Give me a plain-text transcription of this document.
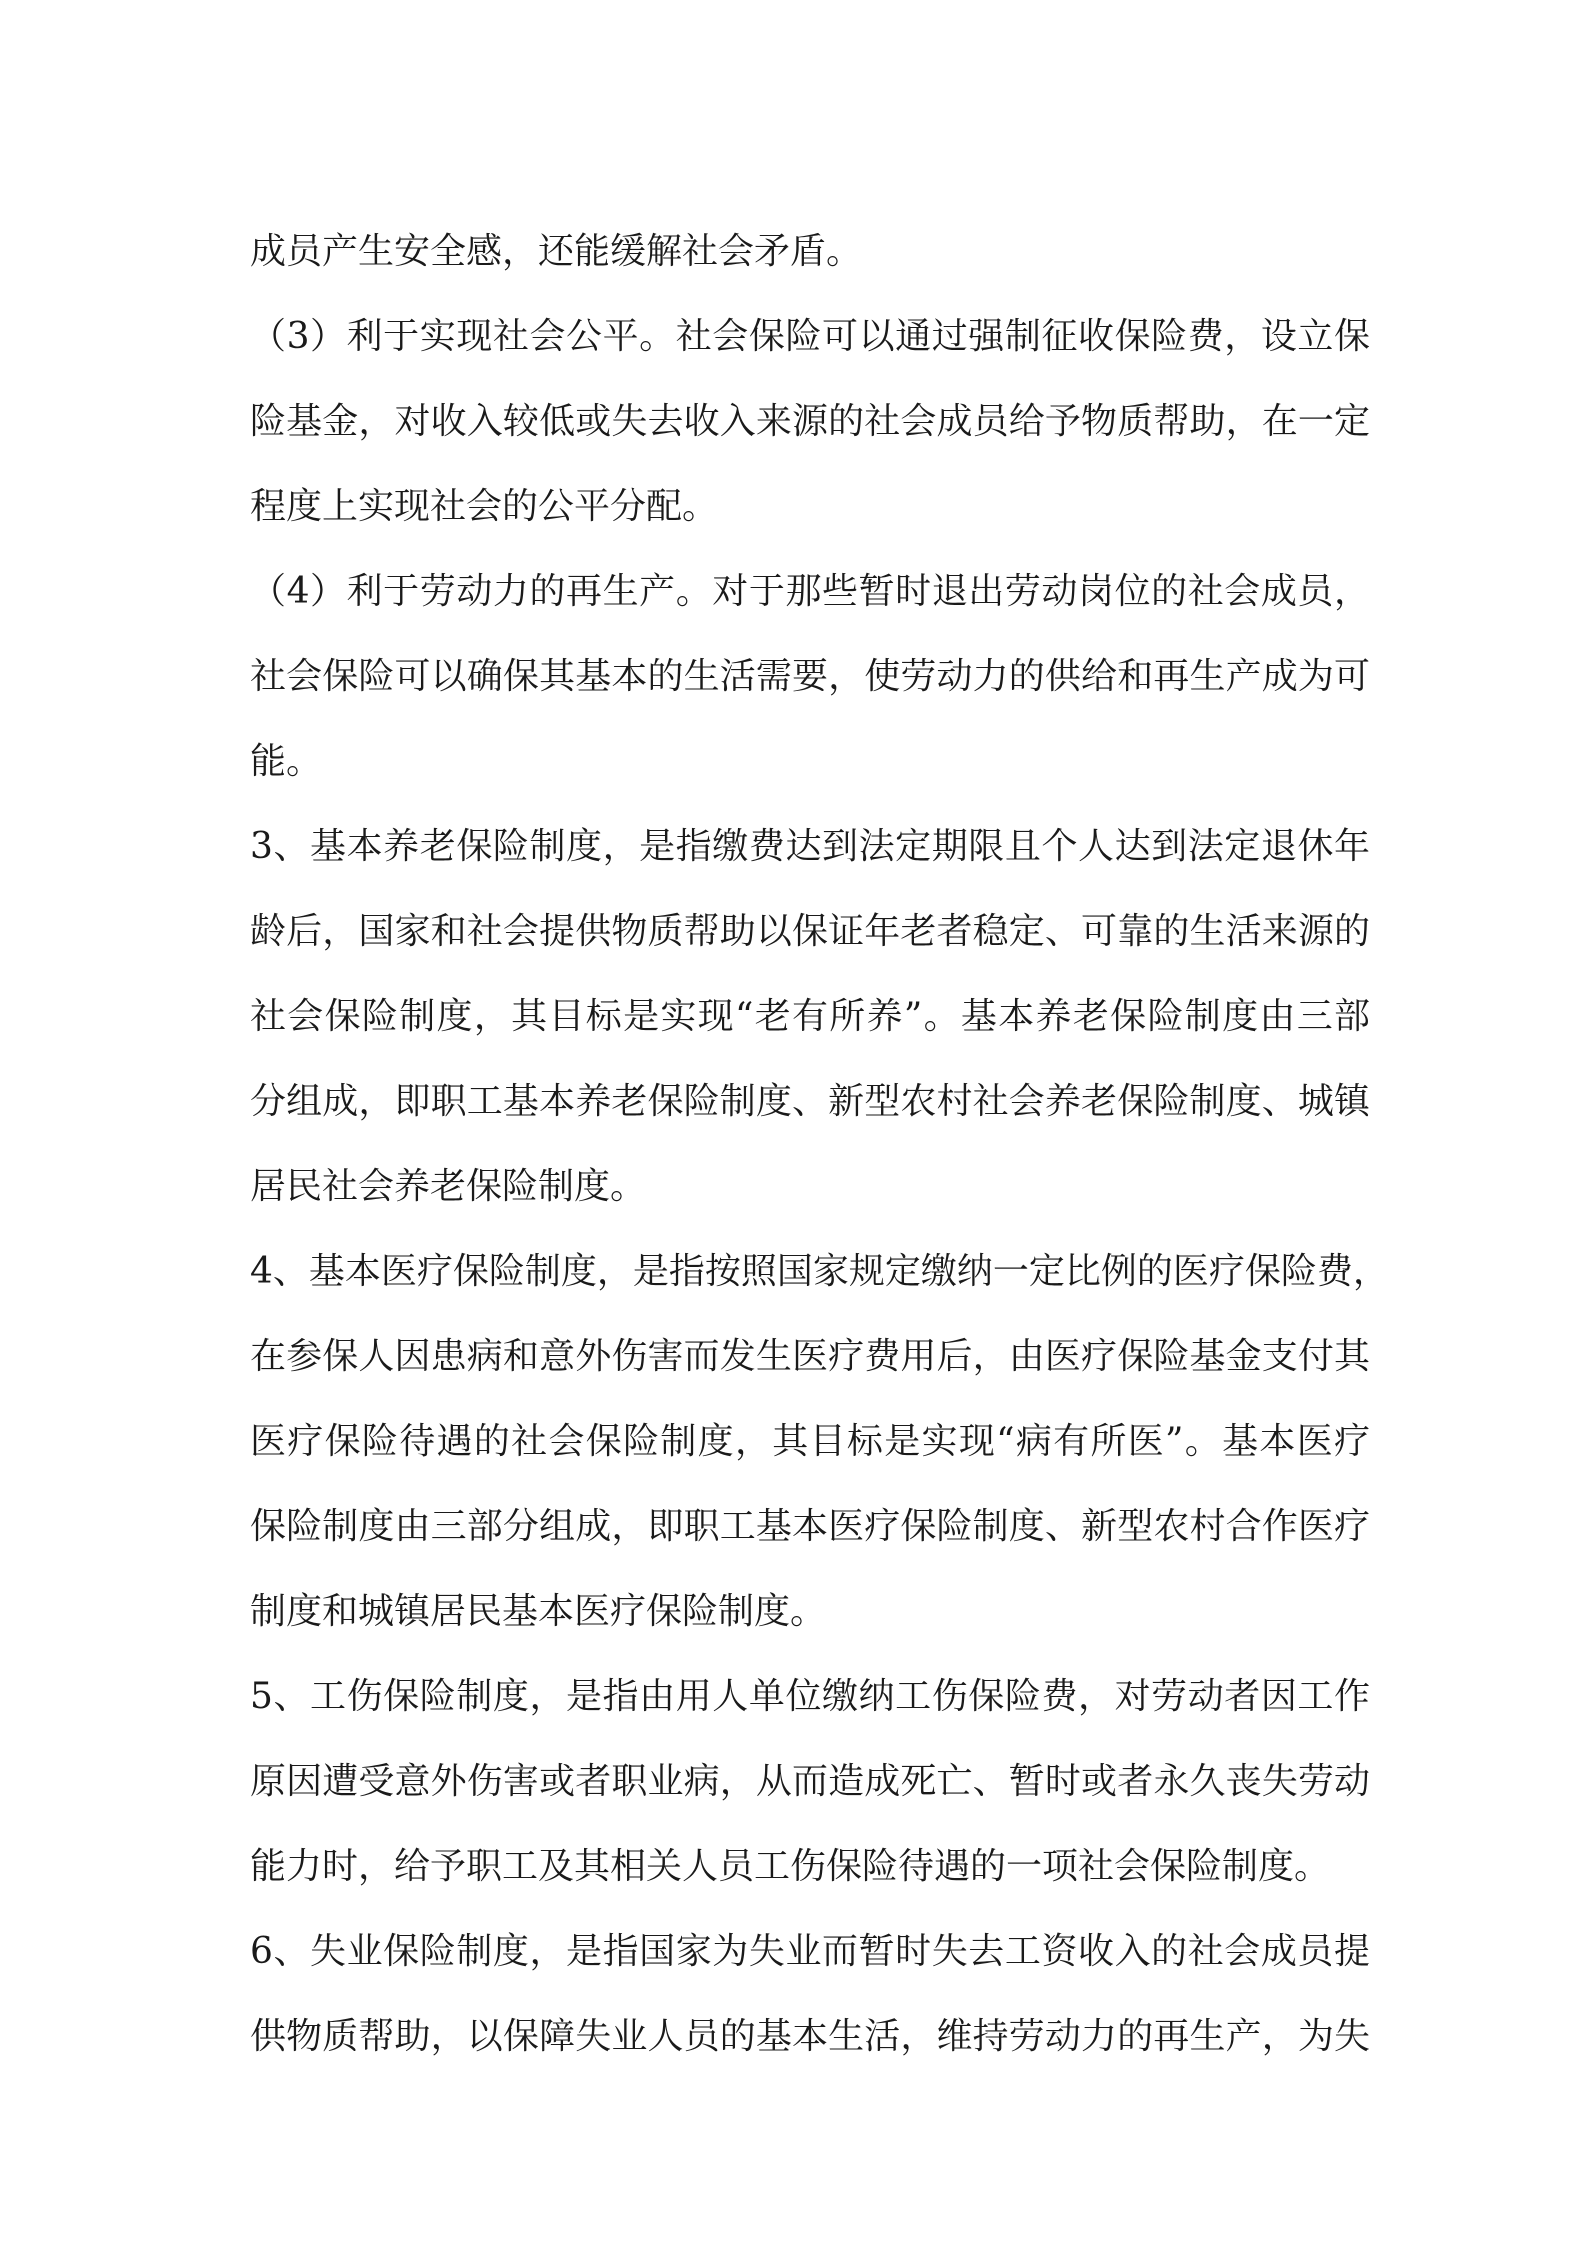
成员产生安全感，还能缓解社会矛盾。
（3）利于实现社会公平。社会保险可以通过强制征收保险费，设立保
险基金，对收入较低或失去收入来源的社会成员给予物质帮助，在一定
程度上实现社会的公平分配。
（4）利于劳动力的再生产。对于那些暂时退出劳动岗位的社会成员，
社会保险可以确保其基本的生活需要，使劳动力的供给和再生产成为可
能。
3、基本养老保险制度，是指缴费达到法定期限且个人达到法定退休年
龄后，国家和社会提供物质帮助以保证年老者稳定、可靠的生活来源的
社会保险制度，其目标是实现“老有所养”。基本养老保险制度由三部
分组成，即职工基本养老保险制度、新型农村社会养老保险制度、城镇
居民社会养老保险制度。
4、基本医疗保险制度，是指按照国家规定缴纳一定比例的医疗保险费，
在参保人因患病和意外伤害而发生医疗费用后，由医疗保险基金支付其
医疗保险待遇的社会保险制度，其目标是实现“病有所医”。基本医疗
保险制度由三部分组成，即职工基本医疗保险制度、新型农村合作医疗
制度和城镇居民基本医疗保险制度。
5、工伤保险制度，是指由用人单位缴纳工伤保险费，对劳动者因工作
原因遭受意外伤害或者职业病，从而造成死亡、暂时或者永久丧失劳动
能力时，给予职工及其相关人员工伤保险待遇的一项社会保险制度。
6、失业保险制度，是指国家为失业而暂时失去工资收入的社会成员提
供物质帮助，以保障失业人员的基本生活，维持劳动力的再生产，为失
